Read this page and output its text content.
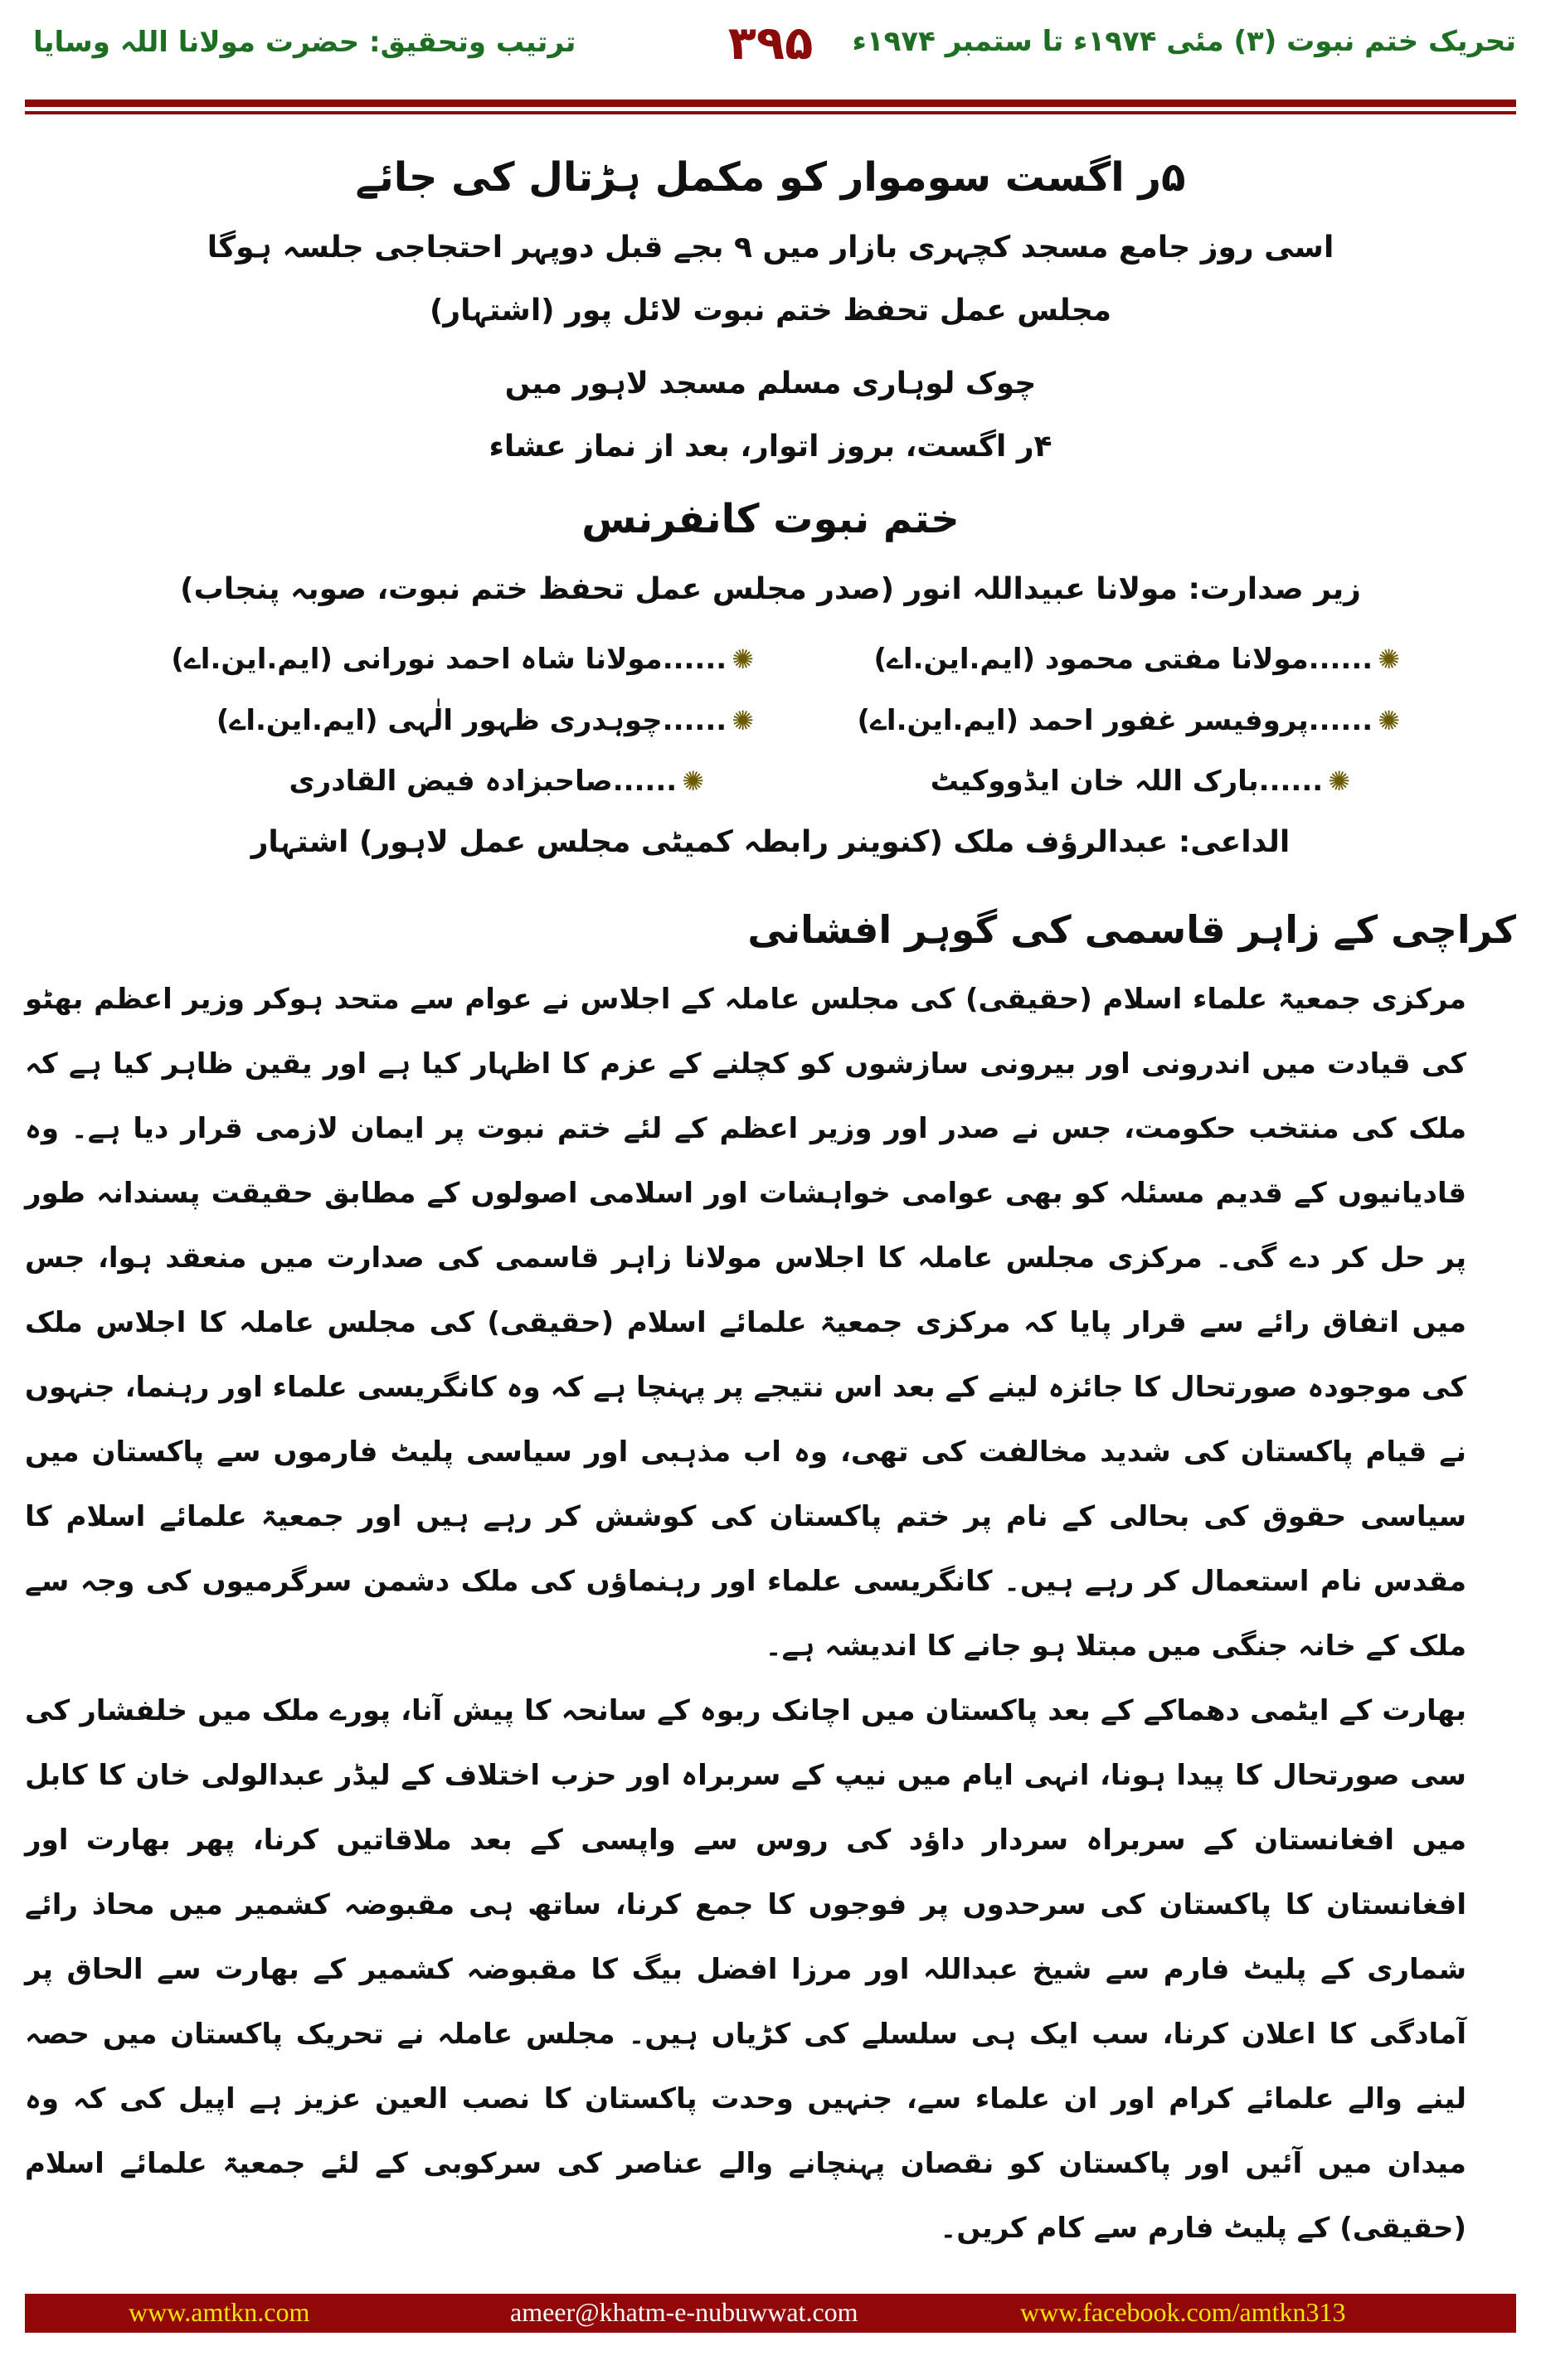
تحریک ختم نبوت (۳) مئی ۱۹۷۴ء تا ستمبر ۱۹۷۴ء
۳۹۵
ترتیب وتحقیق: حضرت مولانا اللہ وسایا
۵ر اگست سوموار کو مکمل ہڑتال کی جائے
اسی روز جامع مسجد کچہری بازار میں ۹ بجے قبل دوپہر احتجاجی جلسہ ہوگا
مجلس عمل تحفظ ختم نبوت لائل پور (اشتہار)
چوک لوہاری مسلم مسجد لاہور میں
۴ر اگست، بروز اتوار، بعد از نماز عشاء
ختم نبوت کانفرنس
زیر صدارت: مولانا عبیداللہ انور (صدر مجلس عمل تحفظ ختم نبوت، صوبہ پنجاب)
✺......مولانا مفتی محمود (ایم.این.اے)
✺......مولانا شاہ احمد نورانی (ایم.این.اے)
✺......پروفیسر غفور احمد (ایم.این.اے)
✺......چوہدری ظہور الٰہی (ایم.این.اے)
✺......بارک اللہ خان ایڈووکیٹ
✺......صاحبزادہ فیض القادری
الداعی: عبدالرؤف ملک (کنوینر رابطہ کمیٹی مجلس عمل لاہور) اشتہار
کراچی کے زاہر قاسمی کی گوہر افشانی

مرکزی جمعیۃ علماء اسلام (حقیقی) کی مجلس عاملہ کے اجلاس نے عوام سے متحد ہوکر وزیر اعظم بھٹو کی قیادت میں اندرونی اور بیرونی سازشوں کو کچلنے کے عزم کا اظہار کیا ہے اور یقین ظاہر کیا ہے کہ ملک کی منتخب حکومت، جس نے صدر اور وزیر اعظم کے لئے ختم نبوت پر ایمان لازمی قرار دیا ہے۔ وہ قادیانیوں کے قدیم مسئلہ کو بھی عوامی خواہشات اور اسلامی اصولوں کے مطابق حقیقت پسندانہ طور پر حل کر دے گی۔ مرکزی مجلس عاملہ کا اجلاس مولانا زاہر قاسمی کی صدارت میں منعقد ہوا، جس میں اتفاق رائے سے قرار پایا کہ مرکزی جمعیۃ علمائے اسلام (حقیقی) کی مجلس عاملہ کا اجلاس ملک کی موجودہ صورتحال کا جائزہ لینے کے بعد اس نتیجے پر پہنچا ہے کہ وہ کانگریسی علماء اور رہنما، جنہوں نے قیام پاکستان کی شدید مخالفت کی تھی، وہ اب مذہبی اور سیاسی پلیٹ فارموں سے پاکستان میں سیاسی حقوق کی بحالی کے نام پر ختم پاکستان کی کوشش کر رہے ہیں اور جمعیۃ علمائے اسلام کا مقدس نام استعمال کر رہے ہیں۔ کانگریسی علماء اور رہنماؤں کی ملک دشمن سرگرمیوں کی وجہ سے ملک کے خانہ جنگی میں مبتلا ہو جانے کا اندیشہ ہے۔

بھارت کے ایٹمی دھماکے کے بعد پاکستان میں اچانک ربوہ کے سانحہ کا پیش آنا، پورے ملک میں خلفشار کی سی صورتحال کا پیدا ہونا، انہی ایام میں نیپ کے سربراہ اور حزب اختلاف کے لیڈر عبدالولی خان کا کابل میں افغانستان کے سربراہ سردار داؤد کی روس سے واپسی کے بعد ملاقاتیں کرنا، پھر بھارت اور افغانستان کا پاکستان کی سرحدوں پر فوجوں کا جمع کرنا، ساتھ ہی مقبوضہ کشمیر میں محاذ رائے شماری کے پلیٹ فارم سے شیخ عبداللہ اور مرزا افضل بیگ کا مقبوضہ کشمیر کے بھارت سے الحاق پر آمادگی کا اعلان کرنا، سب ایک ہی سلسلے کی کڑیاں ہیں۔ مجلس عاملہ نے تحریک پاکستان میں حصہ لینے والے علمائے کرام اور ان علماء سے، جنہیں وحدت پاکستان کا نصب العین عزیز ہے اپیل کی کہ وہ میدان میں آئیں اور پاکستان کو نقصان پہنچانے والے عناصر کی سرکوبی کے لئے جمعیۃ علمائے اسلام (حقیقی) کے پلیٹ فارم سے کام کریں۔

www.amtkn.com	ameer@khatm-e-nubuwwat.com	www.facebook.com/amtkn313
